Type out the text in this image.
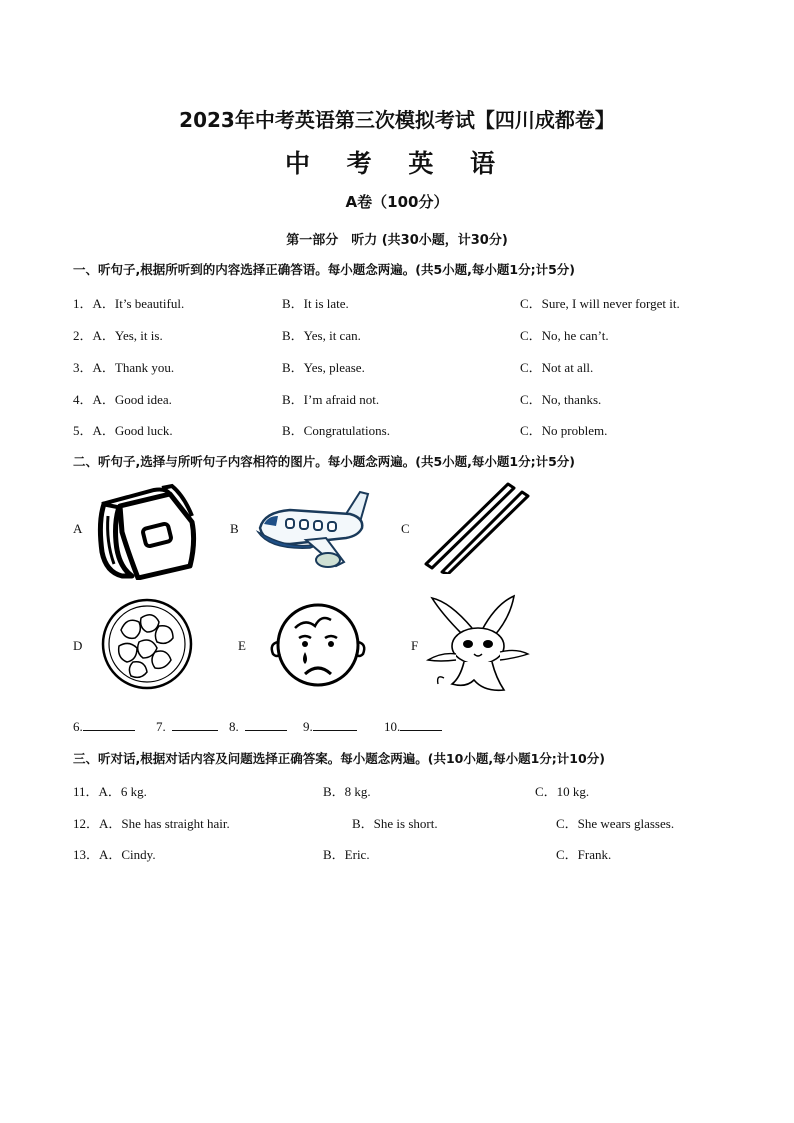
2023年中考英语第三次模拟考试【四川成都卷】
中 考 英 语
A卷（100分）
第一部分　听力 (共30小题，计30分)
一、听句子,根据所听到的内容选择正确答语。每小题念两遍。(共5小题,每小题1分;计5分)
1．A．It’s beautiful.	B．It is late.	C．Sure, I will never forget it.
2．A．Yes, it is.	B．Yes, it can.	C．No, he can’t.
3．A．Thank you.	B．Yes, please.	C．Not at all.
4．A．Good idea.	B．I’m afraid not.	C．No, thanks.
5．A．Good luck.	B．Congratulations.	C．No problem.
二、听句子,选择与所听句子内容相符的图片。每小题念两遍。(共5小题,每小题1分;计5分)
A	B	C
D	E	F
6.	7.	8.	9.	10.
三、听对话,根据对话内容及问题选择正确答案。每小题念两遍。(共10小题,每小题1分;计10分)
11．A．6 kg.	B．8 kg.	C．10 kg.
12．A．She has straight hair.	B．She is short.	C．She wears glasses.
13．A．Cindy.	B．Eric.	C．Frank.
